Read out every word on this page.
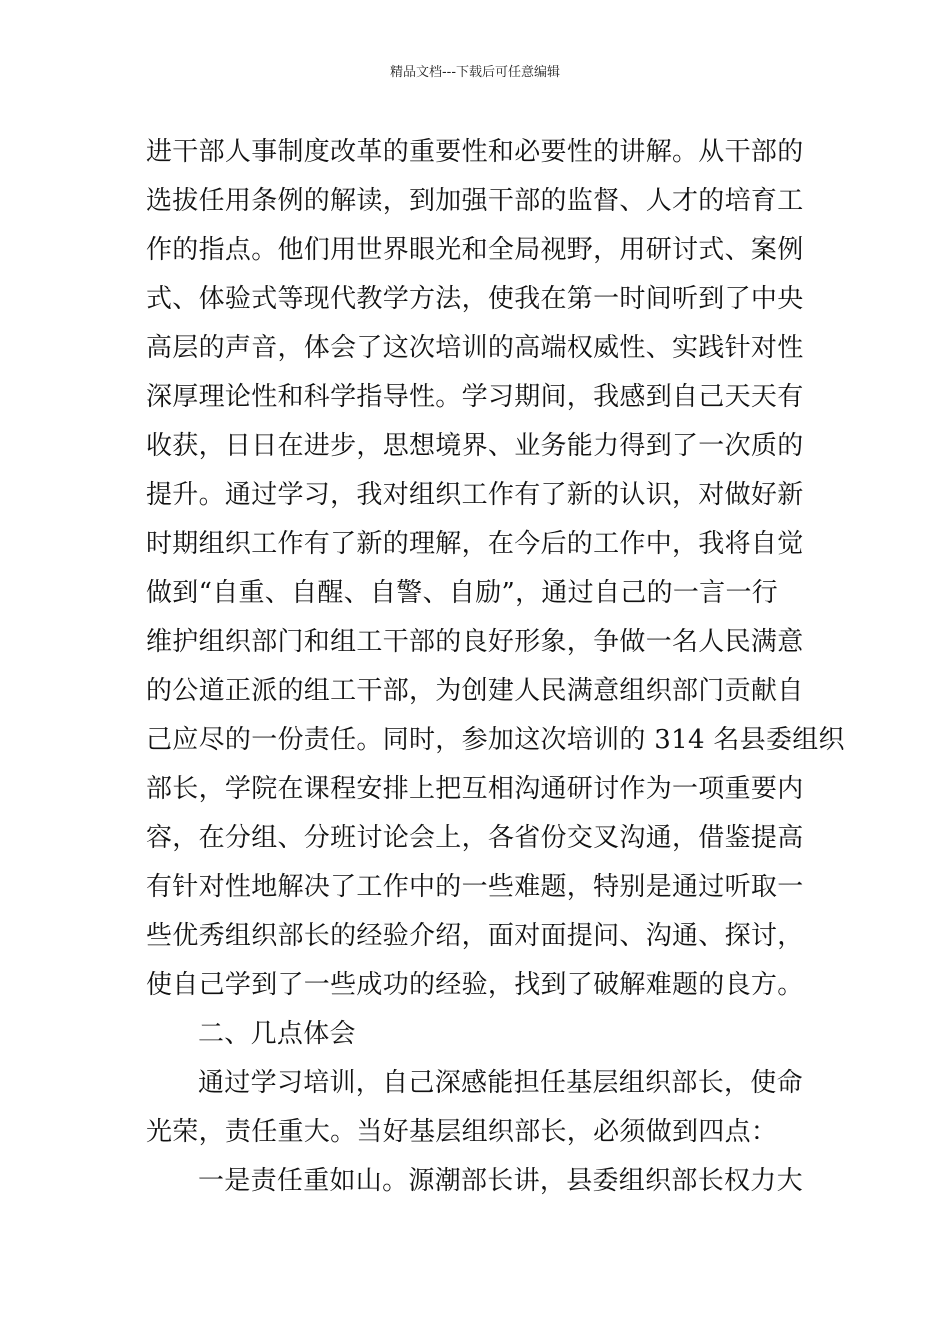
精品文档---下载后可任意编辑
进干部人事制度改革的重要性和必要性的讲解。从干部的
选拔任用条例的解读，到加强干部的监督、人才的培育工
作的指点。他们用世界眼光和全局视野，用研讨式、案例
式、体验式等现代教学方法，使我在第一时间听到了中央
高层的声音，体会了这次培训的高端权威性、实践针对性
深厚理论性和科学指导性。学习期间，我感到自己天天有
收获，日日在进步，思想境界、业务能力得到了一次质的
提升。通过学习，我对组织工作有了新的认识，对做好新
时期组织工作有了新的理解，在今后的工作中，我将自觉
做到“自重、自醒、自警、自励”，通过自己的一言一行
维护组织部门和组工干部的良好形象，争做一名人民满意
的公道正派的组工干部，为创建人民满意组织部门贡献自
己应尽的一份责任。同时，参加这次培训的 314 名县委组织
部长，学院在课程安排上把互相沟通研讨作为一项重要内
容，在分组、分班讨论会上，各省份交叉沟通，借鉴提高
有针对性地解决了工作中的一些难题，特别是通过听取一
些优秀组织部长的经验介绍，面对面提问、沟通、探讨，
使自己学到了一些成功的经验，找到了破解难题的良方。
二、几点体会
通过学习培训，自己深感能担任基层组织部长，使命
光荣，责任重大。当好基层组织部长，必须做到四点：
一是责任重如山。源潮部长讲，县委组织部长权力大
